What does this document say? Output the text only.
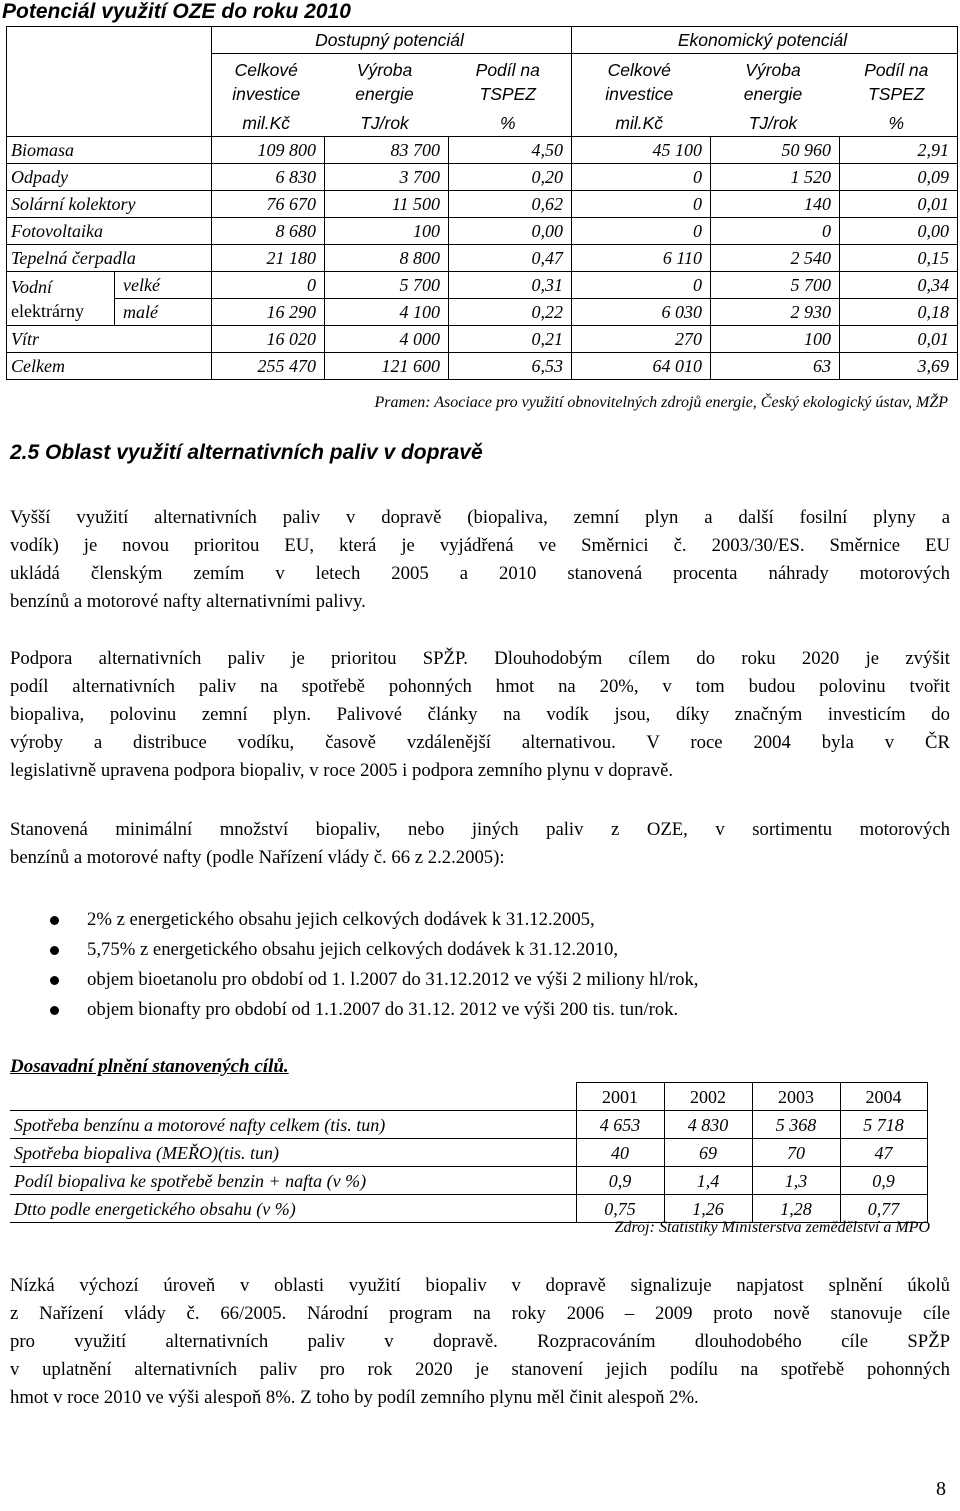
Potenciál využití OZE do roku 2010
		Dostupný potenciál			Ekonomický potenciál		

		Celkové investice	Výroba energie	Podíl na TSPEZ	Celkové investice	Výroba energie	Podíl na TSPEZ

		mil.Kč	TJ/rok	%	mil.Kč	TJ/rok	%
Biomasa		109 800	83 700	4,50	45 100	50 960	2,91
Odpady		6 830	3 700	0,20	0	1 520	0,09
Solární kolektory		76 670	11 500	0,62	0	140	0,01
Fotovoltaika		8 680	100	0,00	0	0	0,00
Tepelná čerpadla		21 180	8 800	0,47	6 110	2 540	0,15

Vodní
elektrárny	velké	0	5 700	0,31	0	5 700	0,34
	malé	16 290	4 100	0,22	6 030	2 930	0,18
Vítr		16 020	4 000	0,21	270	100	0,01
Celkem		255 470	121 600	6,53	64 010	63	3,69
Pramen: Asociace pro využití obnovitelných zdrojů energie, Český ekologický ústav, MŽP
2.5 Oblast využití alternativních paliv v dopravě
Vyšší využití alternativních paliv v dopravě (biopaliva, zemní plyn a další fosilní plyny a
vodík) je novou prioritou EU, která je vyjádřená ve Směrnici č. 2003/30/ES. Směrnice EU
ukládá členským zemím v letech 2005 a 2010 stanovená procenta náhrady motorových
benzínů a motorové nafty alternativními palivy.
Podpora alternativních paliv je prioritou SPŽP. Dlouhodobým cílem do roku 2020 je zvýšit
podíl alternativních paliv na spotřebě pohonných hmot na 20%, v tom budou polovinu tvořit
biopaliva, polovinu zemní plyn. Palivové články na vodík jsou, díky značným investicím do
výroby a distribuce vodíku, časově vzdálenější alternativou. V roce 2004 byla v ČR
legislativně upravena podpora biopaliv, v roce 2005 i podpora zemního plynu v dopravě.
Stanovená minimální množství biopaliv, nebo jiných paliv z OZE, v sortimentu motorových
benzínů a motorové nafty (podle Nařízení vlády č. 66 z 2.2.2005):
2% z energetického obsahu jejich celkových dodávek k 31.12.2005,
5,75% z energetického obsahu jejich celkových dodávek k 31.12.2010,
objem bioetanolu pro období od 1. l.2007 do 31.12.2012 ve výši 2 miliony hl/rok,
objem bionafty pro období od 1.1.2007 do 31.12. 2012 ve výši 200 tis. tun/rok.
Dosavadní plnění stanovených cílů.
	2001	2002	2003	2004
Spotřeba benzínu a motorové nafty celkem (tis. tun)	4 653	4 830	5 368	5 718
Spotřeba biopaliva (MEŘO)(tis. tun)	40	69	70	47
Podíl biopaliva ke spotřebě benzin + nafta (v %)	0,9	1,4	1,3	0,9
Dtto podle energetického obsahu (v %)	0,75	1,26	1,28	0,77
Zdroj: Statistiky Ministerstva zemědělství a MPO
Nízká výchozí úroveň v oblasti využití biopaliv v dopravě signalizuje napjatost splnění úkolů
z Nařízení vlády č. 66/2005. Národní program na roky 2006 – 2009 proto nově stanovuje cíle
pro využití alternativních paliv v dopravě. Rozpracováním dlouhodobého cíle SPŽP
v uplatnění alternativních paliv pro rok 2020 je stanovení jejich podílu na spotřebě pohonných
hmot v roce 2010 ve výši alespoň 8%. Z toho by podíl zemního plynu měl činit alespoň 2%.
8
